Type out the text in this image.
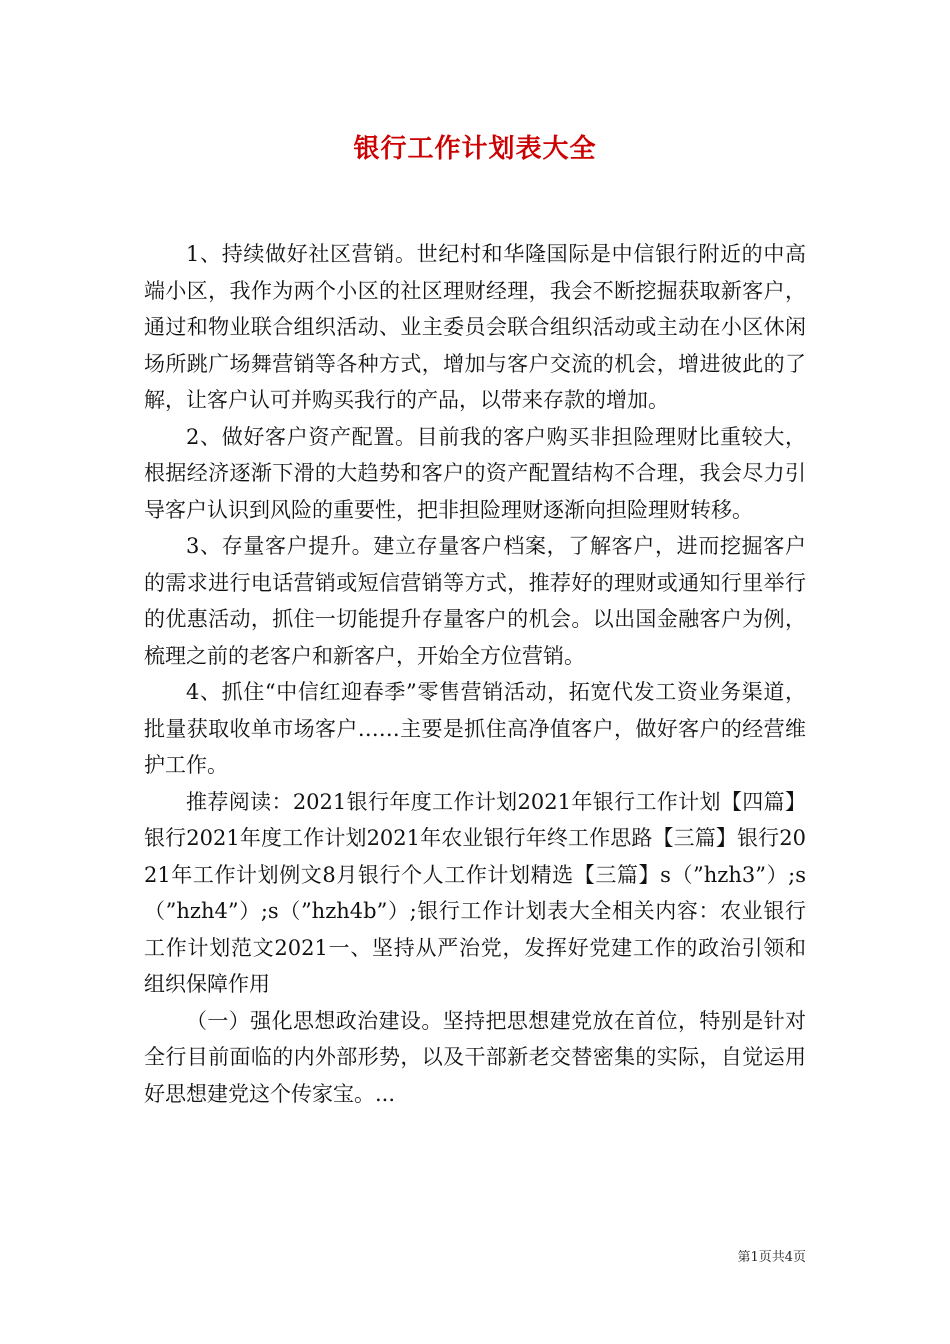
银行工作计划表大全

1、持续做好社区营销。世纪村和华隆国际是中信银行附近的中高端小区，我作为两个小区的社区理财经理，我会不断挖掘获取新客户，通过和物业联合组织活动、业主委员会联合组织活动或主动在小区休闲场所跳广场舞营销等各种方式，增加与客户交流的机会，增进彼此的了解，让客户认可并购买我行的产品，以带来存款的增加。

2、做好客户资产配置。目前我的客户购买非担险理财比重较大，根据经济逐渐下滑的大趋势和客户的资产配置结构不合理，我会尽力引导客户认识到风险的重要性，把非担险理财逐渐向担险理财转移。

3、存量客户提升。建立存量客户档案，了解客户，进而挖掘客户的需求进行电话营销或短信营销等方式，推荐好的理财或通知行里举行的优惠活动，抓住一切能提升存量客户的机会。以出国金融客户为例，梳理之前的老客户和新客户，开始全方位营销。

4、抓住“中信红迎春季”零售营销活动，拓宽代发工资业务渠道，批量获取收单市场客户……主要是抓住高净值客户，做好客户的经营维护工作。

推荐阅读：2021银行年度工作计划2021年银行工作计划【四篇】银行2021年度工作计划2021年农业银行年终工作思路【三篇】银行2021年工作计划例文8月银行个人工作计划精选【三篇】s（”hzh3”）;s（”hzh4”）;s（”hzh4b”）;银行工作计划表大全相关内容：农业银行工作计划范文2021一、坚持从严治党，发挥好党建工作的政治引领和组织保障作用

（一）强化思想政治建设。坚持把思想建党放在首位，特别是针对全行目前面临的内外部形势，以及干部新老交替密集的实际，自觉运用好思想建党这个传家宝。...

第1页共4页
